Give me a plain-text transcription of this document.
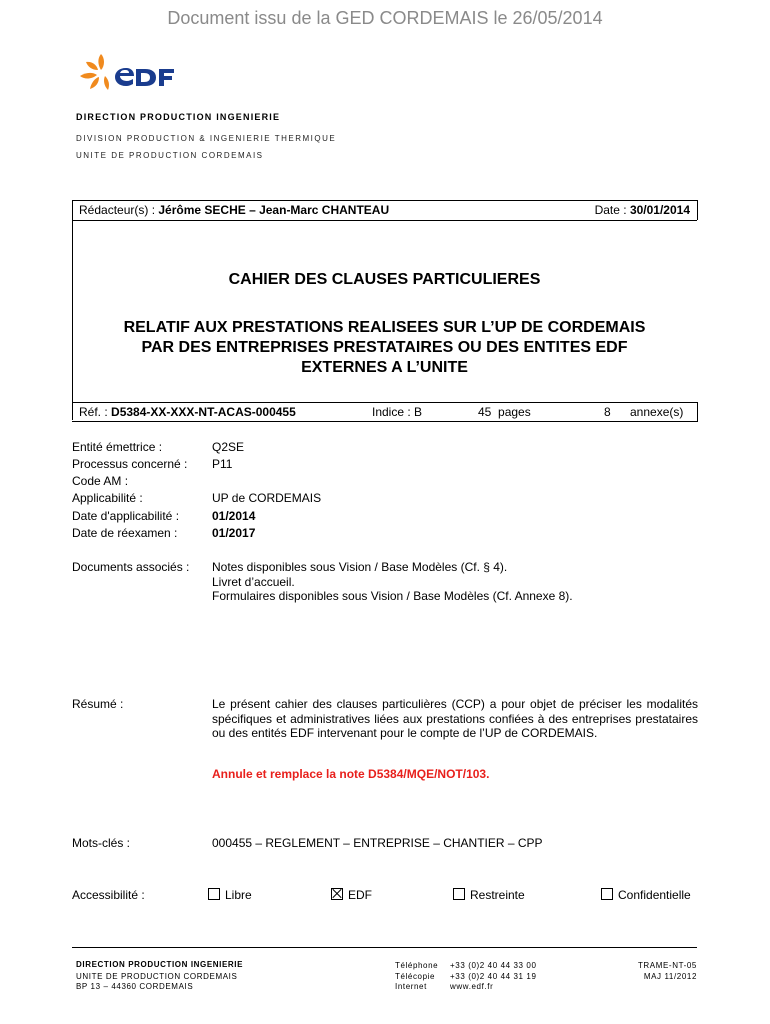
Document issu de la GED CORDEMAIS le 26/05/2014
DIRECTION PRODUCTION INGENIERIE
DIVISION PRODUCTION & INGENIERIE THERMIQUE
UNITE DE PRODUCTION CORDEMAIS
Rédacteur(s) : Jérôme SECHE – Jean-Marc CHANTEAU	Date : 30/01/2014
CAHIER DES CLAUSES PARTICULIERES
RELATIF AUX PRESTATIONS REALISEES SUR L’UP DE CORDEMAIS
PAR DES ENTREPRISES PRESTATAIRES OU DES ENTITES EDF
EXTERNES A L’UNITE
Réf. : D5384-XX-XXX-NT-ACAS-000455	Indice : B	45 pages	8 annexe(s)
Entité émettrice :	Q2SE
Processus concerné : P11
Code AM :
Applicabilité :	UP de CORDEMAIS
Date d'applicabilité :	01/2014
Date de réexamen :	01/2017
Documents associés : Notes disponibles sous Vision / Base Modèles (Cf. § 4).
Livret d’accueil.
Formulaires disponibles sous Vision / Base Modèles (Cf. Annexe 8).
Résumé :	Le présent cahier des clauses particulières (CCP) a pour objet de préciser les modalités spécifiques et administratives liées aux prestations confiées à des entreprises prestataires ou des entités EDF intervenant pour le compte de l’UP de CORDEMAIS.
Annule et remplace la note D5384/MQE/NOT/103.
Mots-clés :	000455 – REGLEMENT – ENTREPRISE – CHANTIER – CPP
Accessibilité :	Libre	EDF	Restreinte	Confidentielle
DIRECTION PRODUCTION INGENIERIE
UNITE DE PRODUCTION CORDEMAIS
BP 13 – 44360 CORDEMAIS
Téléphone +33 (0)2 40 44 33 00
Télécopie +33 (0)2 40 44 31 19
Internet	www.edf.fr
TRAME-NT-05
MAJ 11/2012
